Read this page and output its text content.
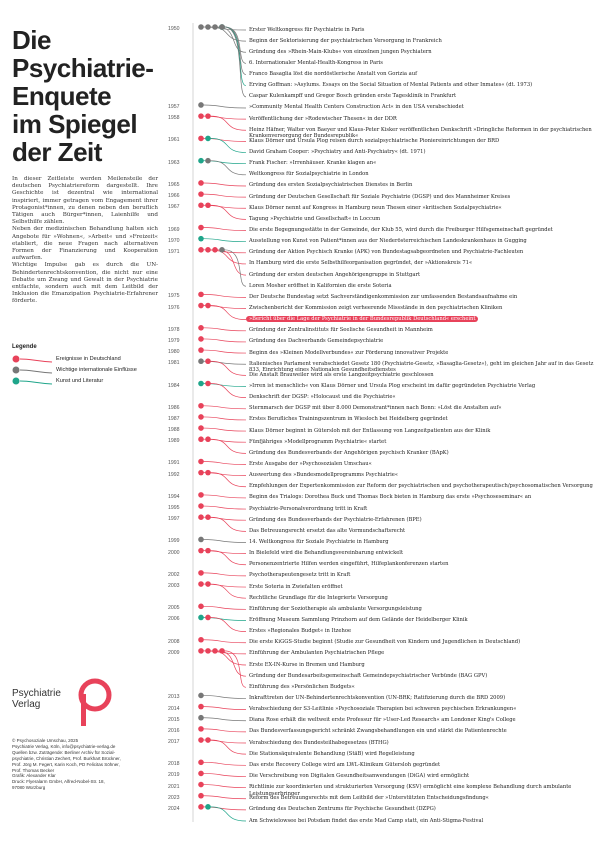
Die
Psychiatrie-
Enquete
im Spiegel
der Zeit

In dieser Zeitleiste werden Meilensteile der deutschen Psychiatriereform dargestellt. Ihre Geschichte ist dezentral wie international inspiriert, immer getragen vom Engagement ihrer Protagonist*innen, zu denen neben den beruflich Tätigen auch Bürger*innen, Laienhilfe und Selbsthilfe zählen.

Neben der medizinischen Behandlung halten sich Angebote für »Wohnen«, »Arbeit« und »Freizeit« etabliert, die neue Fragen nach alternativen Formen der Finanzierung und Kooperation aufwarfen.

Wichtige Impulse gab es durch die UN-Behindertenrechtskonvention, die nicht nur eine Debatte um Zwang und Gewalt in der Psychiatrie entfachte, sondern auch mit dem Leitbild der Inklusion die Emanzipation Psychiatrie-Erfahrener förderte.

Legende
Ereignisse in Deutschland
Wichtige internationale Einflüsse
Kunst und Literatur
Psychiatrie
Verlag
© Psychosoziale Umschau, 2025
Psychiatrie Verlag, Köln, info@psychiatrie-verlag.de
Quellen bzw. Zuträgende: Berliner Archiv für Sozial-
psychiatrie, Christian Zechert, Prof. Burkhart Brückner,
Prof. Jörg M. Fegert, Karin Koch, PD Felicitas Söhner,
Prof. Thomas Becker
Grafik: Alexander Klar
Druck: Flyeralarm GmbH, Alfred-Nobel-Str. 18,
97080 Würzburg
1950	Erster Weltkongress für Psychiatrie in Paris
Beginn der Sektorisierung der psychiatrischen Versorgung in Frankreich
Gründung des »Rhein-Main-Klubs« von einzelnen jungen Psychiatern
6. Internationaler Mental-Health-Kongress in Paris
Franco Basaglia löst die nordöstlerische Anstalt von Gorizia auf
Erving Goffman: »Asylums. Essays on the Social Situation of Mental Patients and other Inmates« (dt. 1973)
Caspar Kulenkampff und Gregor Bosch gründen erste Tagesklinik in Frankfurt
1957	»Community Mental Health Centers Construction Act« in den USA verabschiedet
1958	Veröffentlichung der »Rodewischer Thesen« in der DDR
Heinz Häfner, Walter von Baeyer und Klaus-Peter Kisker veröffentlichen Denkschrift »Dringliche Reformen in der psychiatrischen Krankenversorgung der Bundesrepublik«
1961	Klaus Dörner und Ursula Plog reisen durch sozialpsychiatrische Pioniereinrichtungen der BRD
David Graham Cooper: »Psychiatry and Anti-Psychiatry« (dt. 1971)
1963	Frank Fischer: »Irrenhäuser. Kranke klagen an«
Weltkongress für Sozialpsychiatrie in London
1965	Gründung des ersten Sozialpsychiatrischen Dienstes in Berlin
1966	Gründung der Deutschen Gesellschaft für Soziale Psychiatrie (DGSP) und des Mannheimer Kreises
1967	Klaus Dörner nennt auf Kongress in Hamburg neun Thesen einer »kritischen Sozialpsychiatrie«
Tagung »Psychiatrie und Gesellschaft« in Loccum
1969	Die erste Begegnungsstätte in der Gemeinde, der Klub 55, wird durch die Freiburger Hilfsgemeinschaft gegründet
1970	Ausstellung von Kunst von Patient*innen aus der Niederösterreichischen Landeskrankenhaus in Gugging
1971	Gründung der Aktion Psychisch Kranke (APK) von Bundestagsabgeordneten und Psychiatrie-Fachleuten
In Hamburg wird die erste Selbsthilfeorganisation gegründet, der »Aktionskreis 71«
Gründung der ersten deutschen Angehörigengruppe in Stuttgart
Loren Mosher eröffnet in Kalifornien die erste Soteria
1975	Der Deutsche Bundestag setzt Sachverständigenkommission zur umfassenden Bestandsaufnahme ein
1976	Zwischenbericht der Kommission zeigt verheerende Missstände in den psychiatrischen Kliniken
»Bericht über die Lage der Psychiatrie in der Bundesrepublik Deutschland« erscheint
1978	Gründung der Zentralinstituts für Seelische Gesundheit in Mannheim
1979	Gründung des Dachverbands Gemeindepsychiatrie
1980	Beginn des »Kleinen Modellverbundes« zur Förderung innovativer Projekte
1981	Italienisches Parlament verabschiedet Gesetz 180 (Psychiatrie-Gesetz, »Basaglia-Gesetz«), geht im gleichen Jahr auf in das Gesetz 833, Einrichtung eines Nationalen Gesundheitsdienstes
Die Anstalt Brauweiler wird als erste Langzeitpsychiatrie geschlossen
1984	»Irren ist menschlich« von Klaus Dörner und Ursula Plog erscheint im dafür gegründeten Psychiatrie Verlag
Denkschrift der DGSP: »Holocaust und die Psychiatrie«
1986	Sternmarsch der DGSP mit über 8.000 Demonstrant*innen nach Bonn: »Löst die Anstalten auf«
1987	Erstes Berufliches Trainingszentrum in Wiesloch bei Heidelberg gegründet
1988	Klaus Dörner beginnt in Gütersloh mit der Entlassung von Langzeitpatienten aus der Klinik
1989	Fünfjähriges »Modellprogramm Psychiatrie« startet
Gründung des Bundesverbands der Angehörigen psychisch Kranker (BApK)
1991	Erste Ausgabe der »Psychosozialen Umschau«
1992	Auswertung des »Bundesmodellprogramms Psychiatrie«
Empfehlungen der Expertenkommission zur Reform der psychiatrischen und psychotherapeutisch/psychosomatischen Versorgung
1994	Beginn des Trialogs: Dorothea Buck und Thomas Bock bieten in Hamburg das erste »Psychoseseminar« an
1995	Psychiatrie-Personalverordnung tritt in Kraft
1997	Gründung des Bundesverbands der Psychiatrie-Erfahrenen (BPE)
Das Betreuungsrecht ersetzt das alte Vormundschaftsrecht
1999	14. Weltkongress für Soziale Psychiatrie in Hamburg
2000	In Bielefeld wird die Behandlungsvereinbarung entwickelt
Personenzentrierte Hilfen werden eingeführt, Hilfeplankonferenzen starten
2002	Psychotherapeutengesetz tritt in Kraft
2003	Erste Soteria in Zwiefalten eröffnet
Rechtliche Grundlage für die Integrierte Versorgung
2005	Einführung der Soziotherapie als ambulante Versorgungsleistung
2006	Eröffnung Museum Sammlung Prinzhorn auf dem Gelände der Heidelberger Klinik
Erstes »Regionales Budget« in Itzehoe
2008	Die erste KiGGS-Studie beginnt (Studie zur Gesundheit von Kindern und Jugendlichen in Deutschland)
2009	Einführung der Ambulanten Psychiatrischen Pflege
Erste EX-IN-Kurse in Bremen und Hamburg
Gründung der Bundesarbeitsgemeinschaft Gemeindepsychiatrischer Verbünde (BAG GPV)
Einführung des »Persönlichen Budgets«
2013	Inkrafttreten der UN-Behindertenrechtskonvention (UN-BRK; Ratifizierung durch die BRD 2009)
2014	Verabschiedung der S3-Leitlinie »Psychosoziale Therapien bei schweren psychischen Erkrankungen«
2015	Diana Rose erhält die weltweit erste Professur für »User-Led Research« am Londoner King's College
2016	Das Bundesverfassungsgericht schränkt Zwangsbehandlungen ein und stärkt die Patientenrechte
2017	Verabschiedung des Bundesteilhabegesetzes (BTHG)
Die Stationsäquivalente Behandlung (StäB) wird Regelleistung
2018	Das erste Recovery College wird am LWL-Klinikum Gütersloh gegründet
2019	Die Verschreibung von Digitalen Gesundheitsanwendungen (DiGA) wird ermöglicht
2021	Richtlinie zur koordinierten und strukturierten Versorgung (KSV) ermöglicht eine komplexe Behandlung durch ambulante Leistungserbringer
2023	Reform des Betreuungsrechts mit dem Leitbild der »Unterstützten Entscheidungsfindung«
2024	Gründung des Deutschen Zentrums für Psychische Gesundheit (DZPG)
Am Schwielowsee bei Potsdam findet das erste Mad Camp statt, ein Anti-Stigma-Festival
